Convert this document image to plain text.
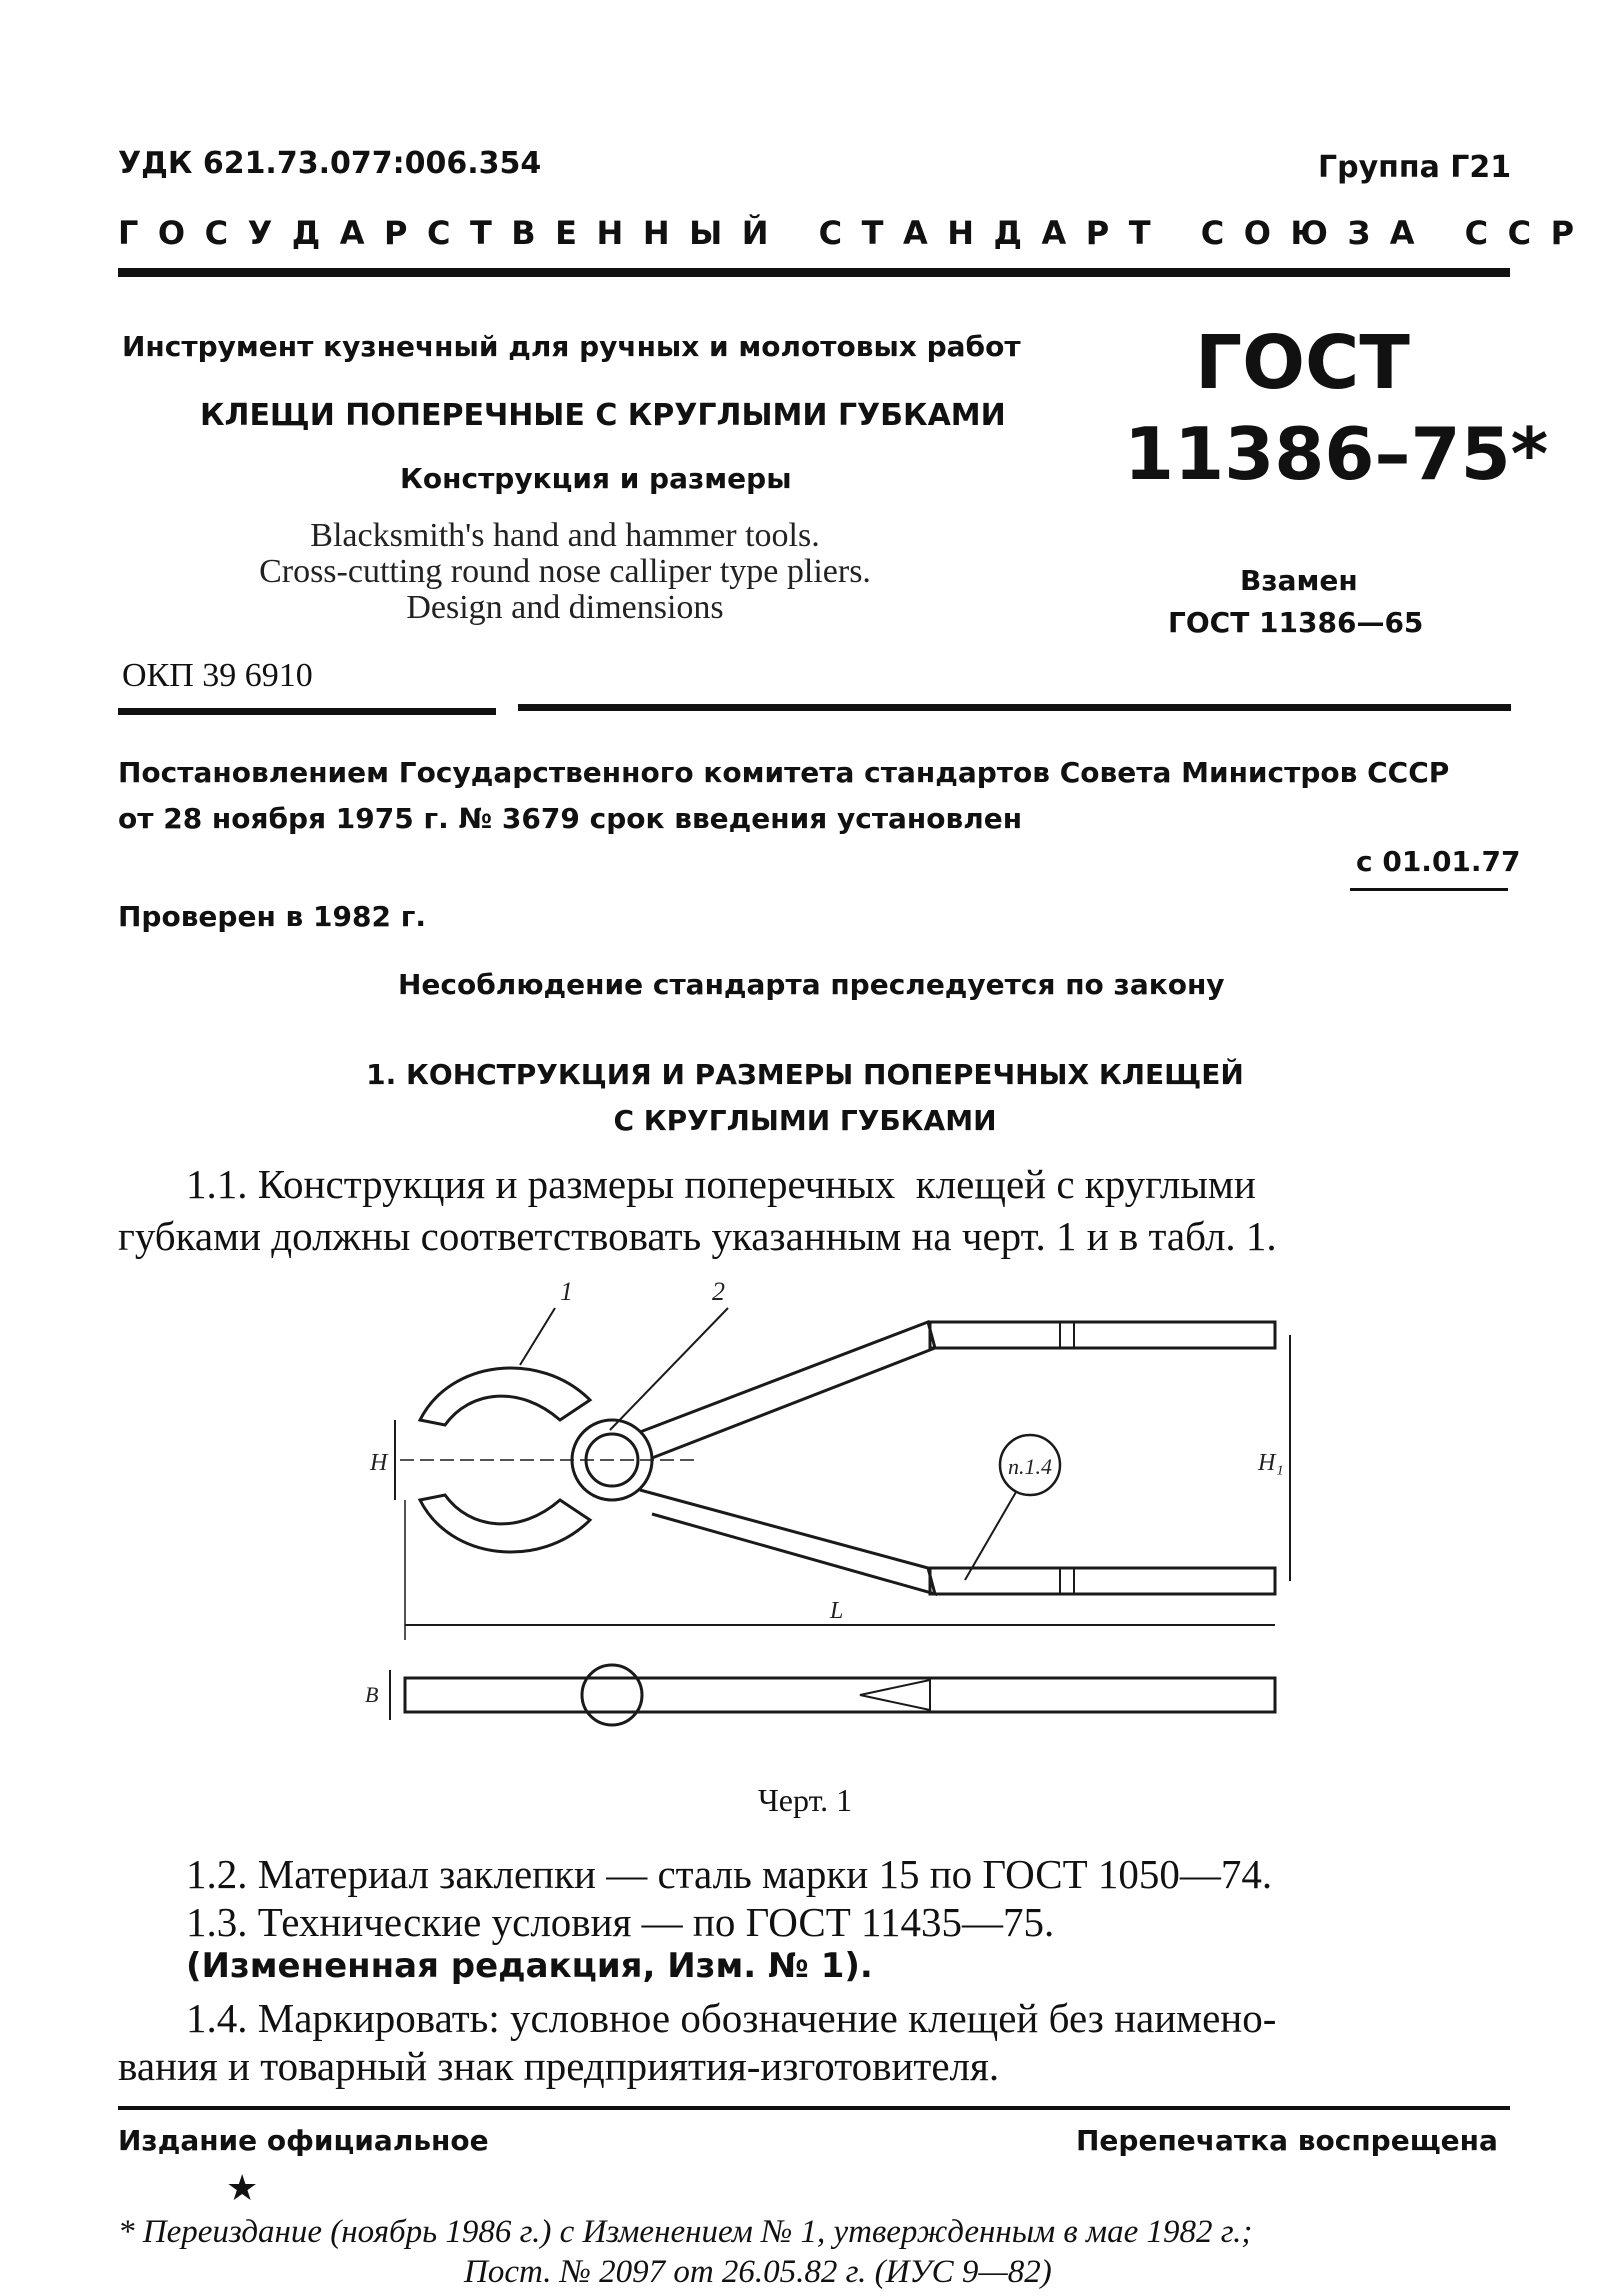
УДК 621.73.077:006.354	Группа Г21
ГОСУДАРСТВЕННЫЙ СТАНДАРТ СОЮЗА ССР
Инструмент кузнечный для ручных и молотовых работ
КЛЕЩИ ПОПЕРЕЧНЫЕ С КРУГЛЫМИ ГУБКАМИ
Конструкция и размеры
Blacksmith's hand and hammer tools.
Cross-cutting round nose calliper type pliers.
Design and dimensions
ОКП 39 6910
ГОСТ
11386–75*
Взамен
ГОСТ 11386—65
Постановлением Государственного комитета стандартов Совета Министров СССР
от 28 ноября 1975 г. № 3679 срок введения установлен
с 01.01.77
Проверен в 1982 г.
Несоблюдение стандарта преследуется по закону
1. КОНСТРУКЦИЯ И РАЗМЕРЫ ПОПЕРЕЧНЫХ КЛЕЩЕЙ
С КРУГЛЫМИ ГУБКАМИ
1.1. Конструкция и размеры поперечных  клещей с круглыми
губками должны соответствовать указанным на черт. 1 и в табл. 1.
1	2
п.1.4
H	H₁
L
B
Черт. 1
1.2. Материал заклепки — сталь марки 15 по ГОСТ 1050—74.
1.3. Технические условия — по ГОСТ 11435—75.
(Измененная редакция, Изм. № 1).
1.4. Маркировать: условное обозначение клещей без наимено-
вания и товарный знак предприятия-изготовителя.
Издание официальное	Перепечатка воспрещена
★
* Переиздание (ноябрь 1986 г.) с Изменением № 1, утвержденным в мае 1982 г.;
Пост. № 2097 от 26.05.82 г. (ИУС 9—82)
